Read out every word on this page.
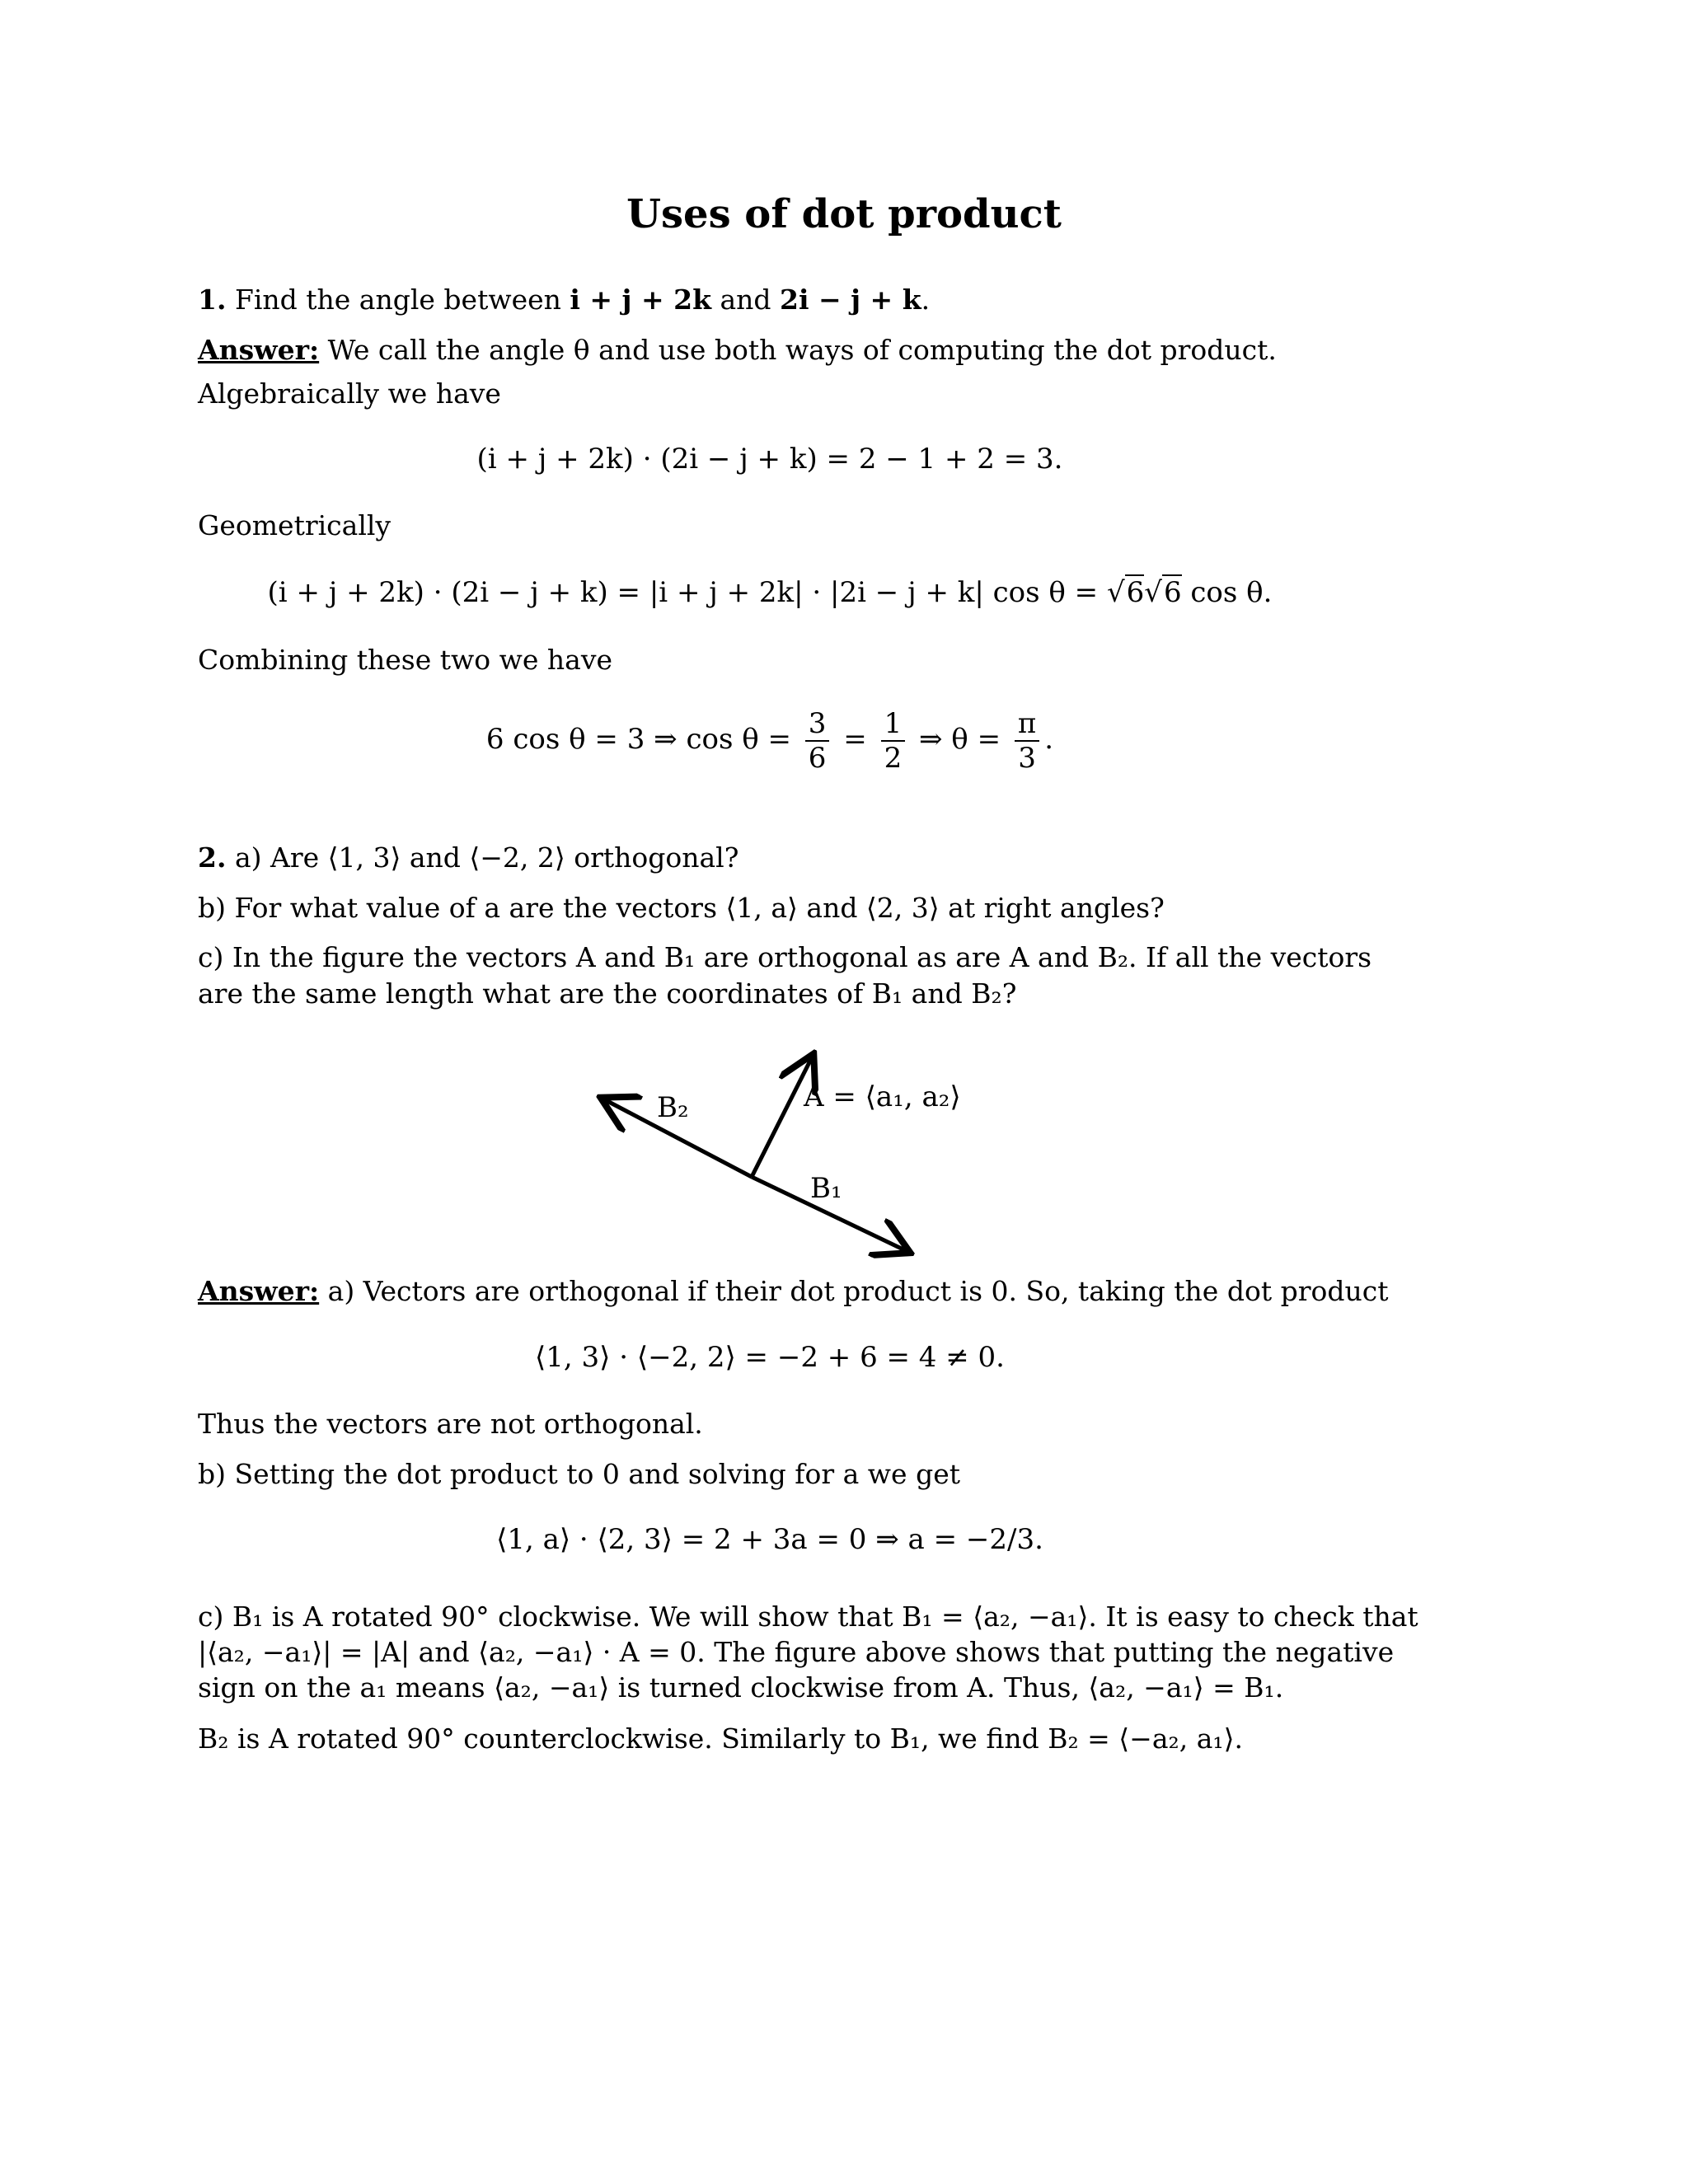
Uses of dot product
1. Find the angle between i + j + 2k and 2i − j + k.
Answer: We call the angle θ and use both ways of computing the dot product.
Algebraically we have
(i + j + 2k) · (2i − j + k) = 2 − 1 + 2 = 3.
Geometrically
(i + j + 2k) · (2i − j + k) = |i + j + 2k| · |2i − j + k| cos θ = √6√6 cos θ.
Combining these two we have
6 cos θ = 3 ⇒ $\cos \theta = \frac{3}{6} = \frac{1}{2}$ ⇒ $\theta = \frac{\pi}{3}$ .
2. a) Are ⟨1, 3⟩ and ⟨−2, 2⟩ orthogonal?
b) For what value of a are the vectors ⟨1, a⟩ and ⟨2, 3⟩ at right angles?
c) In the figure the vectors A and B₁ are orthogonal as are A and B₂. If all the vectors
are the same length what are the coordinates of B₁ and B₂?
A = ⟨a₁, a₂⟩
B₁
B₂
Answer: a) Vectors are orthogonal if their dot product is 0. So, taking the dot product
⟨1, 3⟩ · ⟨−2, 2⟩ = −2 + 6 = 4 ≠ 0.
Thus the vectors are not orthogonal.
b) Setting the dot product to 0 and solving for a we get
⟨1, a⟩ · ⟨2, 3⟩ = 2 + 3a = 0 ⇒ a = −2/3.
c) B₁ is A rotated 90° clockwise. We will show that B₁ = ⟨a₂, −a₁⟩. It is easy to check that
|⟨a₂, −a₁⟩| = |A| and ⟨a₂, −a₁⟩ · A = 0. The figure above shows that putting the negative
sign on the a₁ means ⟨a₂, −a₁⟩ is turned clockwise from A. Thus, ⟨a₂, −a₁⟩ = B₁.
B₂ is A rotated 90° counterclockwise. Similarly to B₁, we find B₂ = ⟨−a₂, a₁⟩.
